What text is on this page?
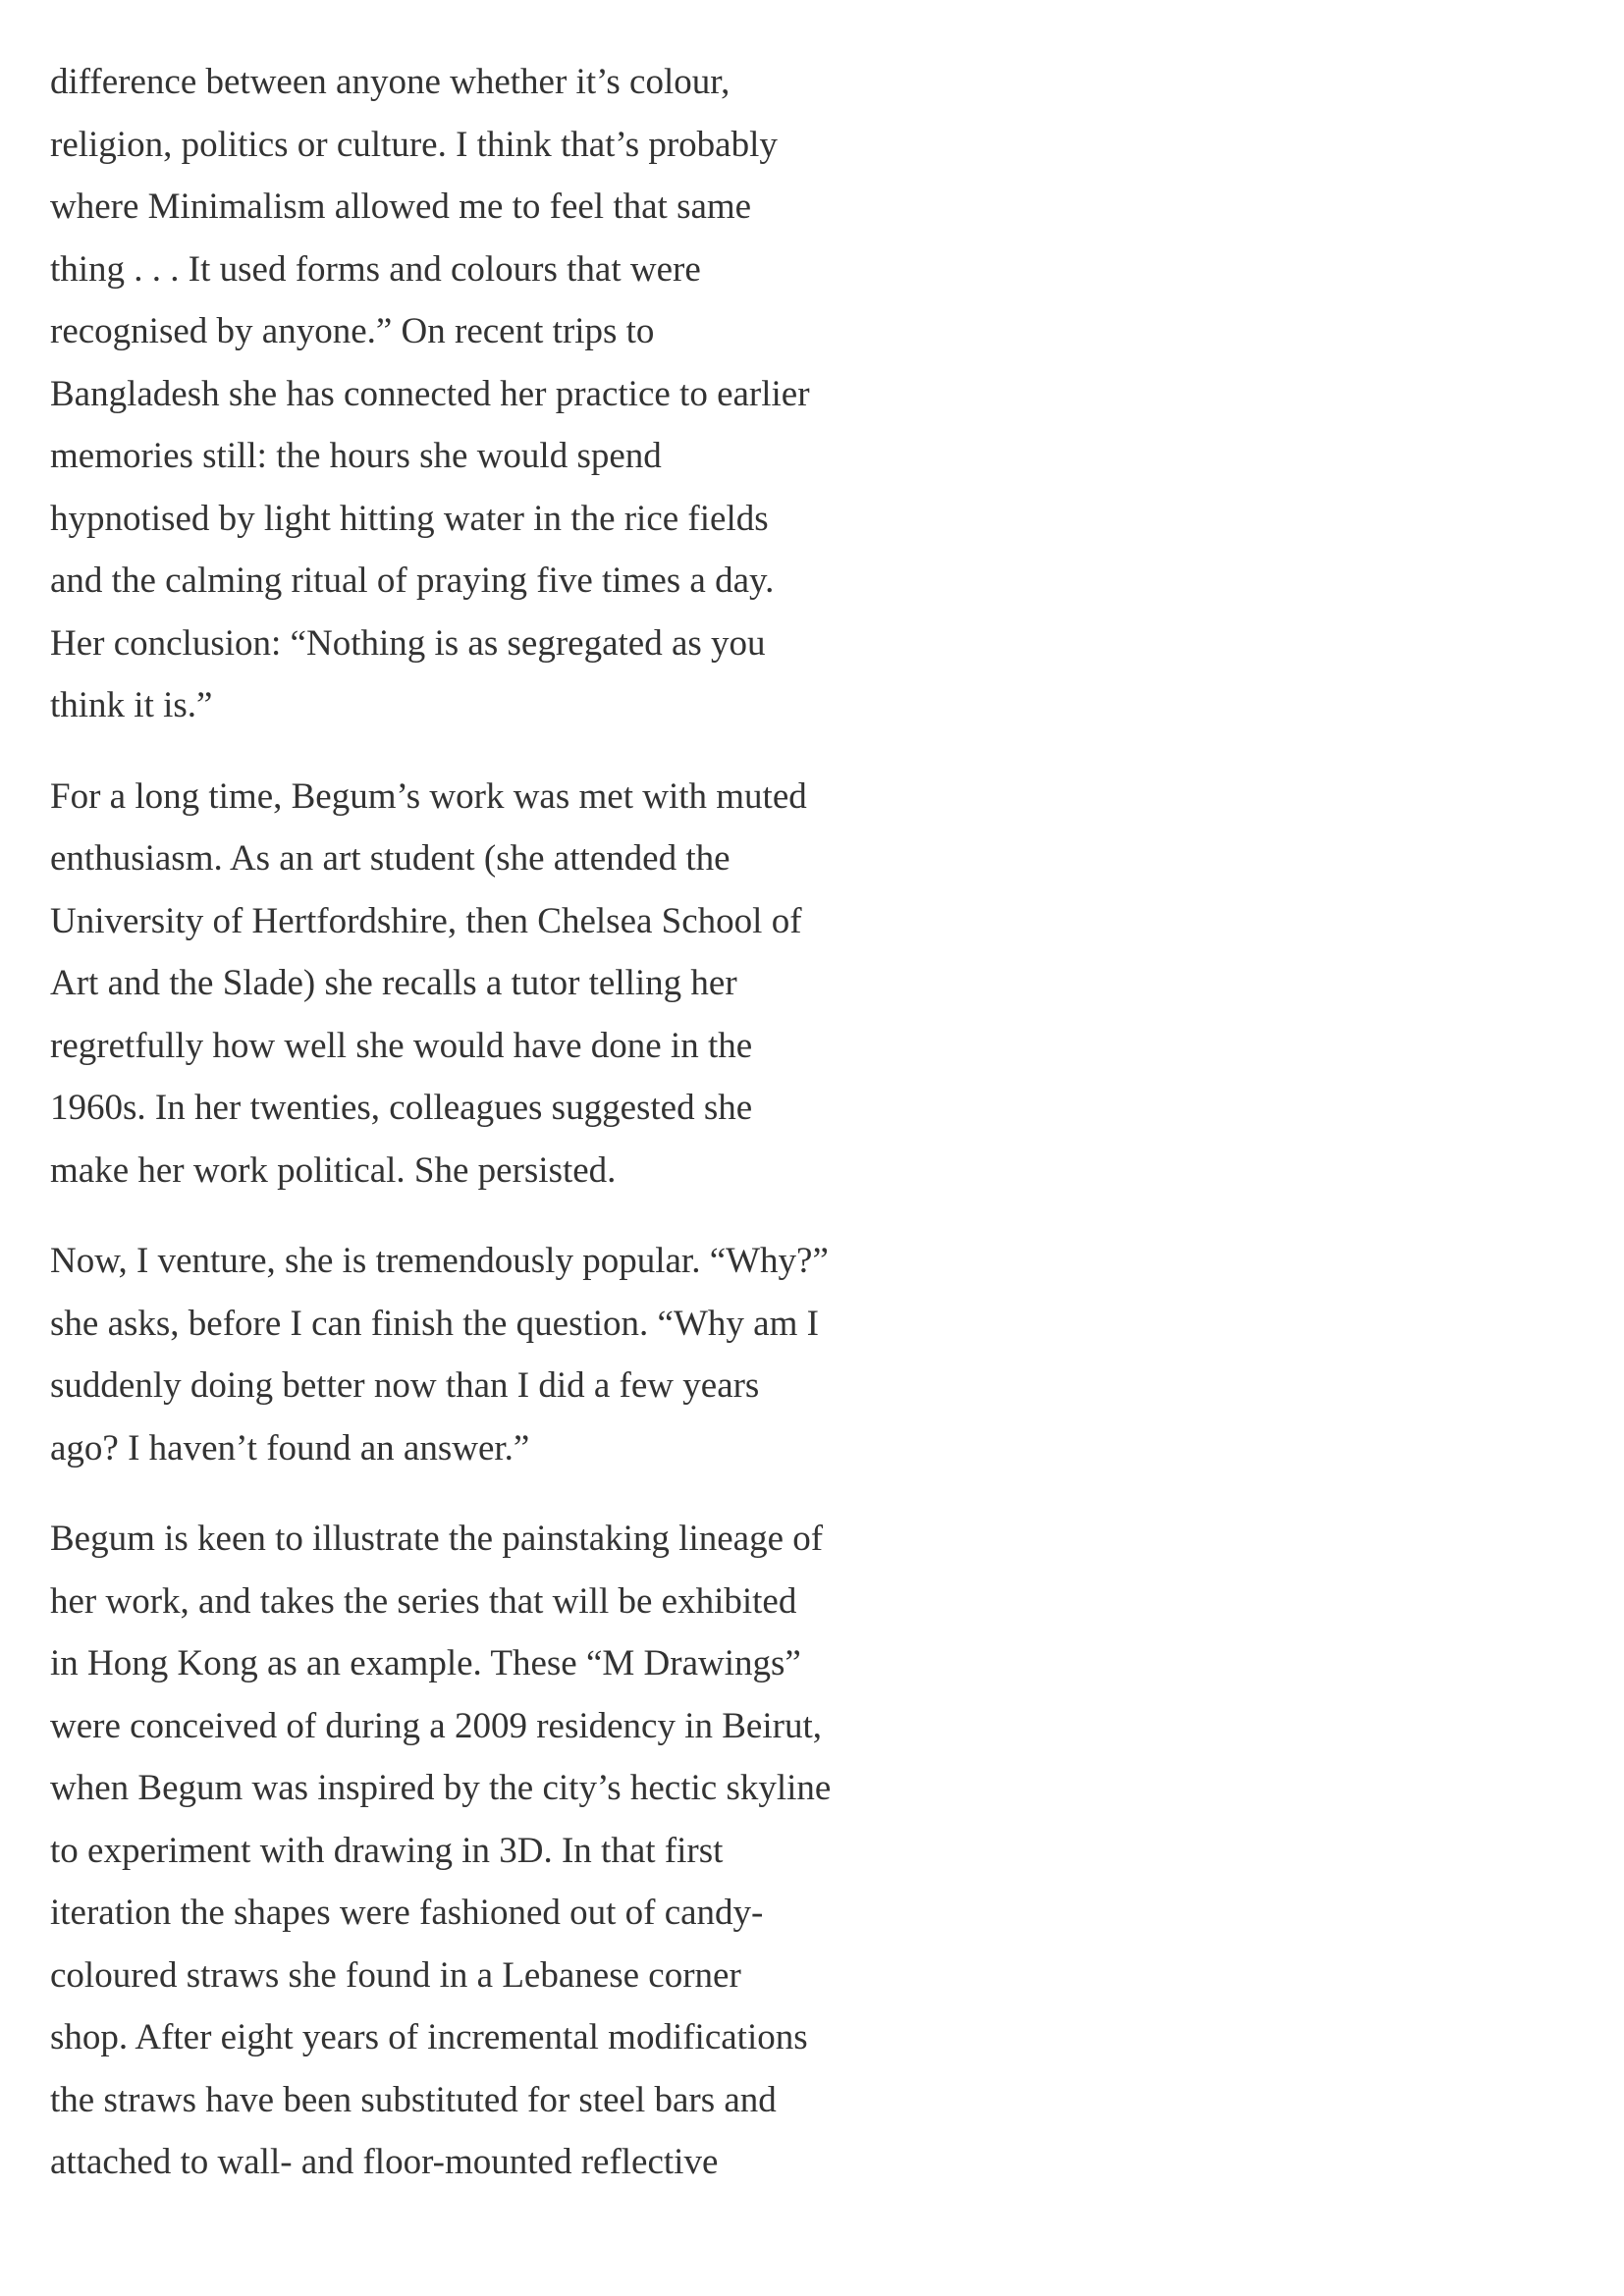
difference between anyone whether it’s colour,
religion, politics or culture. I think that’s probably
where Minimalism allowed me to feel that same
thing . . . It used forms and colours that were
recognised by anyone.” On recent trips to
Bangladesh she has connected her practice to earlier
memories still: the hours she would spend
hypnotised by light hitting water in the rice fields
and the calming ritual of praying five times a day.
Her conclusion: “Nothing is as segregated as you
think it is.”

For a long time, Begum’s work was met with muted
enthusiasm. As an art student (she attended the
University of Hertfordshire, then Chelsea School of
Art and the Slade) she recalls a tutor telling her
regretfully how well she would have done in the
1960s. In her twenties, colleagues suggested she
make her work political. She persisted.

Now, I venture, she is tremendously popular. “Why?”
she asks, before I can finish the question. “Why am I
suddenly doing better now than I did a few years
ago? I haven’t found an answer.”

Begum is keen to illustrate the painstaking lineage of
her work, and takes the series that will be exhibited
in Hong Kong as an example. These “M Drawings”
were conceived of during a 2009 residency in Beirut,
when Begum was inspired by the city’s hectic skyline
to experiment with drawing in 3D. In that first
iteration the shapes were fashioned out of candy-
coloured straws she found in a Lebanese corner
shop. After eight years of incremental modifications
the straws have been substituted for steel bars and
attached to wall- and floor-mounted reflective
